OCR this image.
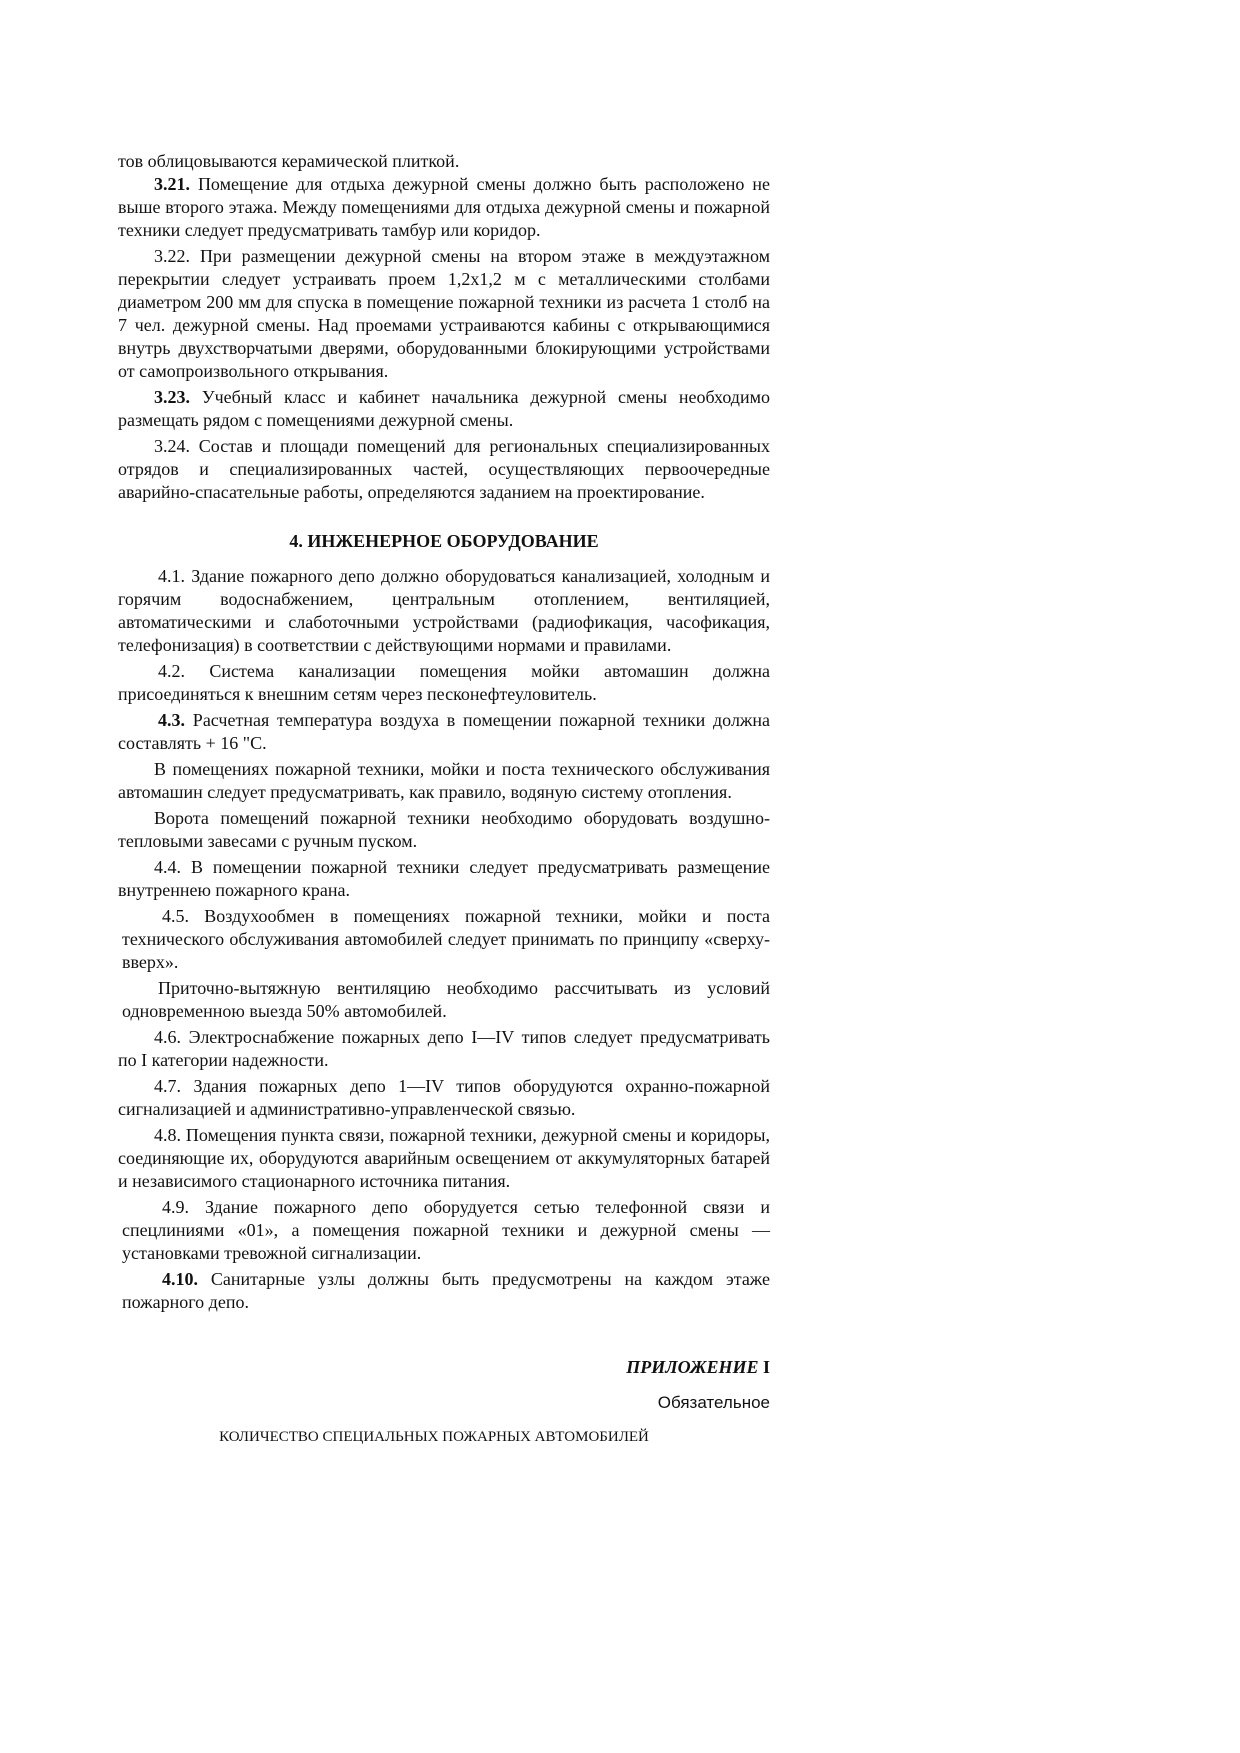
тов облицовываются керамической плиткой.

3.21. Помещение для отдыха дежурной смены должно быть расположено не выше второго этажа. Между помещениями для отдыха дежурной смены и пожарной техники следует предусматривать тамбур или коридор.

3.22. При размещении дежурной смены на втором этаже в междуэтажном перекрытии следует устраивать проем 1,2x1,2 м с металлическими столбами диаметром 200 мм для спуска в помещение пожарной техники из расчета 1 столб на 7 чел. дежурной смены. Над проемами устраиваются кабины с открывающимися внутрь двухстворчатыми дверями, оборудованными блокирующими устройствами от самопроизвольного открывания.

3.23. Учебный класс и кабинет начальника дежурной смены необходимо размещать рядом с помещениями дежурной смены.

3.24. Состав и площади помещений для региональных специализированных отрядов и специализированных частей, осуществляющих первоочередные аварийно-спасательные работы, определяются заданием на проектирование.

4. ИНЖЕНЕРНОЕ ОБОРУДОВАНИЕ

4.1. Здание пожарного депо должно оборудоваться канализацией, холодным и горячим водоснабжением, центральным отоплением, вентиляцией, автоматическими и слаботочными устройствами (радиофикация, часофикация, телефонизация) в соответствии с действующими нормами и правилами.

4.2. Система канализации помещения мойки автомашин должна присоединяться к внешним сетям через песконефтеуловитель.

4.3. Расчетная температура воздуха в помещении пожарной техники должна составлять + 16 "С.

В помещениях пожарной техники, мойки и поста технического обслуживания автомашин следует предусматривать, как правило, водяную систему отопления.

Ворота помещений пожарной техники необходимо оборудовать воздушно-тепловыми завесами с ручным пуском.

4.4. В помещении пожарной техники следует предусматривать размещение внутреннею пожарного крана.

4.5. Воздухообмен в помещениях пожарной техники, мойки и поста технического обслуживания автомобилей следует принимать по принципу «сверху-вверх».

Приточно-вытяжную вентиляцию необходимо рассчитывать из условий одновременною выезда 50% автомобилей.

4.6. Электроснабжение пожарных депо I—IV типов следует предусматривать по I категории надежности.

4.7. Здания пожарных депо 1—IV типов оборудуются охранно-пожарной сигнализацией и административно-управленческой связью.

4.8. Помещения пункта связи, пожарной техники, дежурной смены и коридоры, соединяющие их, оборудуются аварийным освещением от аккумуляторных батарей и независимого стационарного источника питания.

4.9. Здание пожарного депо оборудуется сетью телефонной связи и спецлиниями «01», а помещения пожарной техники и дежурной смены — установками тревожной сигнализации.

4.10. Санитарные узлы должны быть предусмотрены на каждом этаже пожарного депо.

ПРИЛОЖЕНИЕ I
Обязательное
КОЛИЧЕСТВО СПЕЦИАЛЬНЫХ ПОЖАРНЫХ АВТОМОБИЛЕЙ
